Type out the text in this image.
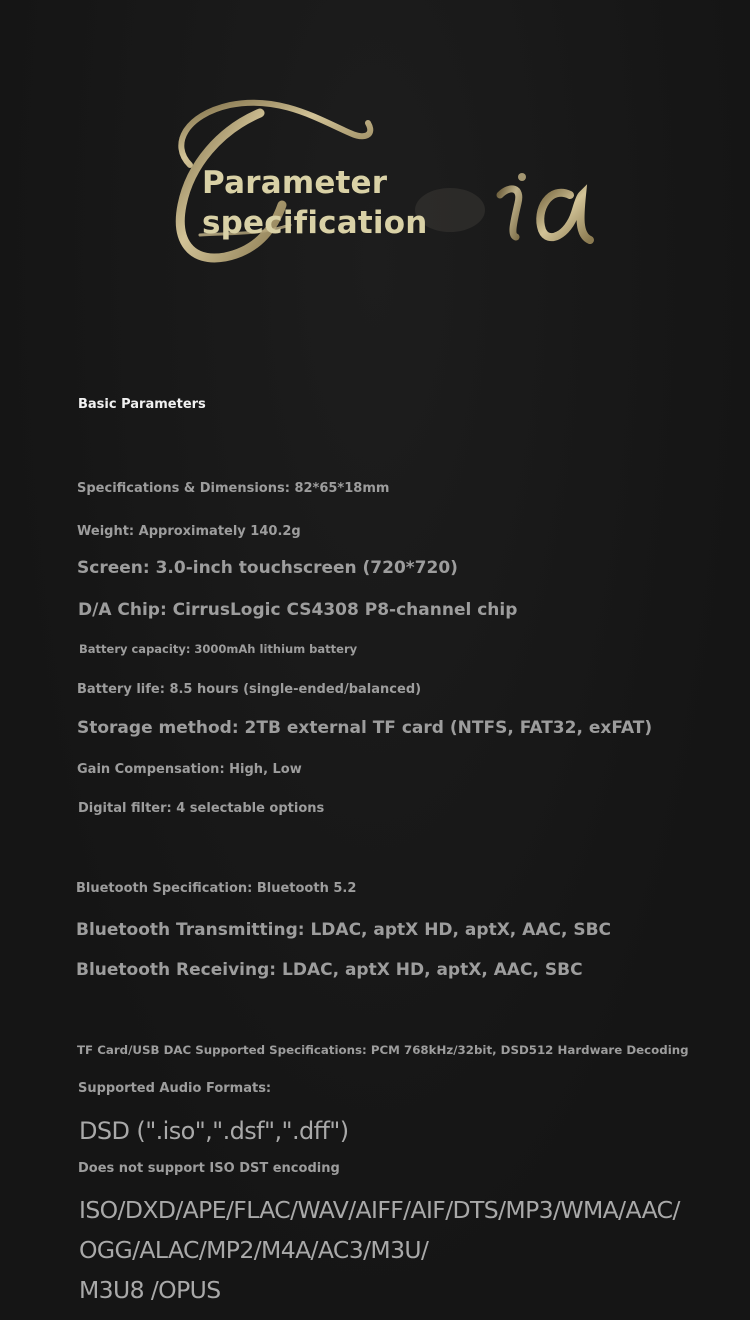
Parameter
specification
Basic Parameters

Specifications & Dimensions: 82*65*18mm

Weight: Approximately 140.2g

Screen: 3.0-inch touchscreen (720*720)

D/A Chip: CirrusLogic CS4308 P8-channel chip

Battery capacity: 3000mAh lithium battery

Battery life: 8.5 hours (single-ended/balanced)

Storage method: 2TB external TF card (NTFS, FAT32, exFAT)

Gain Compensation: High, Low

Digital filter: 4 selectable options

Bluetooth Specification: Bluetooth 5.2

Bluetooth Transmitting: LDAC, aptX HD, aptX, AAC, SBC

Bluetooth Receiving: LDAC, aptX HD, aptX, AAC, SBC

TF Card/USB DAC Supported Specifications: PCM 768kHz/32bit, DSD512 Hardware Decoding

Supported Audio Formats:

DSD (".iso",".dsf",".dff")

Does not support ISO DST encoding

ISO/DXD/APE/FLAC/WAV/AIFF/AIF/DTS/MP3/WMA/AAC/
OGG/ALAC/MP2/M4A/AC3/M3U/
M3U8 /OPUS
